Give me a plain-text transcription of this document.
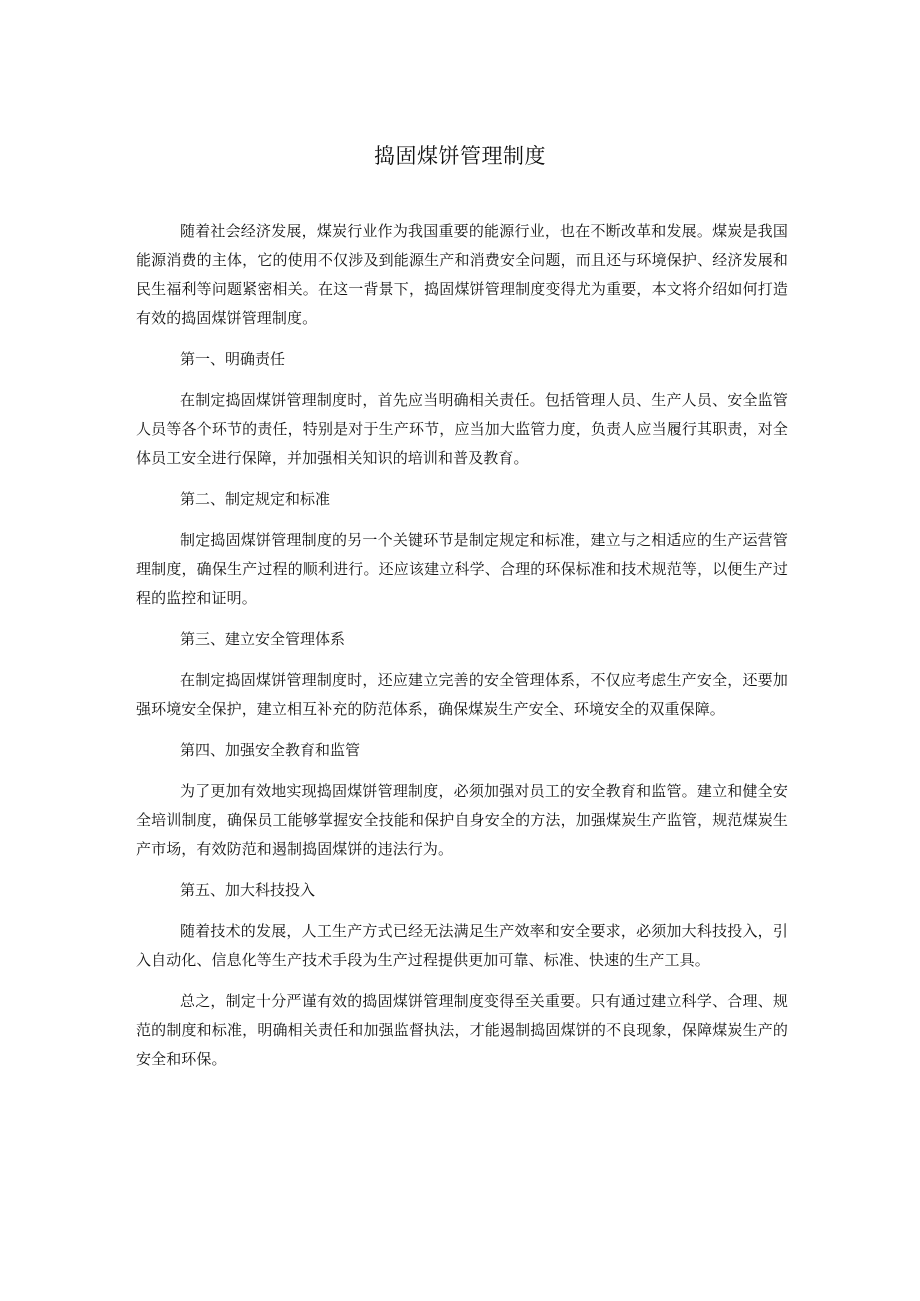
捣固煤饼管理制度

随着社会经济发展，煤炭行业作为我国重要的能源行业，也在不断改革和发展。煤炭是我国能源消费的主体，它的使用不仅涉及到能源生产和消费安全问题，而且还与环境保护、经济发展和民生福利等问题紧密相关。在这一背景下，捣固煤饼管理制度变得尤为重要，本文将介绍如何打造有效的捣固煤饼管理制度。

第一、明确责任

在制定捣固煤饼管理制度时，首先应当明确相关责任。包括管理人员、生产人员、安全监管人员等各个环节的责任，特别是对于生产环节，应当加大监管力度，负责人应当履行其职责，对全体员工安全进行保障，并加强相关知识的培训和普及教育。

第二、制定规定和标准

制定捣固煤饼管理制度的另一个关键环节是制定规定和标准，建立与之相适应的生产运营管理制度，确保生产过程的顺利进行。还应该建立科学、合理的环保标准和技术规范等，以便生产过程的监控和证明。

第三、建立安全管理体系

在制定捣固煤饼管理制度时，还应建立完善的安全管理体系，不仅应考虑生产安全，还要加强环境安全保护，建立相互补充的防范体系，确保煤炭生产安全、环境安全的双重保障。

第四、加强安全教育和监管

为了更加有效地实现捣固煤饼管理制度，必须加强对员工的安全教育和监管。建立和健全安全培训制度，确保员工能够掌握安全技能和保护自身安全的方法，加强煤炭生产监管，规范煤炭生产市场，有效防范和遏制捣固煤饼的违法行为。

第五、加大科技投入

随着技术的发展，人工生产方式已经无法满足生产效率和安全要求，必须加大科技投入，引入自动化、信息化等生产技术手段为生产过程提供更加可靠、标准、快速的生产工具。

总之，制定十分严谨有效的捣固煤饼管理制度变得至关重要。只有通过建立科学、合理、规范的制度和标准，明确相关责任和加强监督执法，才能遏制捣固煤饼的不良现象，保障煤炭生产的安全和环保。
